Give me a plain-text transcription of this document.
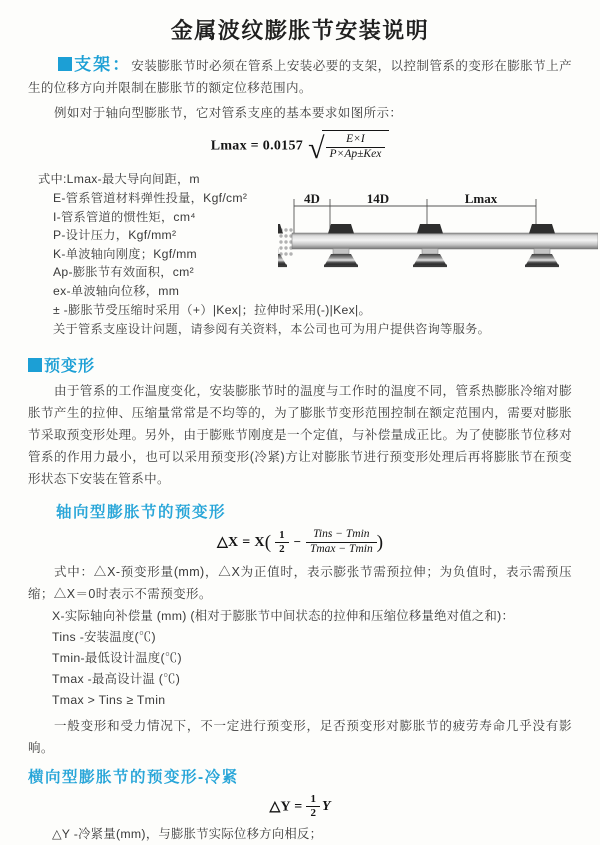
金属波纹膨胀节安装说明

支架：安装膨胀节时必须在管系上安装必要的支架，以控制管系的变形在膨胀节上产生的位移方向并限制在膨胀节的额定位移范围内。

例如对于轴向型膨胀节，它对管系支座的基本要求如图所示：

Lmax = 0.0157 √ $\frac{E\times I}{\text{P×Ap±Kex}}$
式中:Lmax-最大导向间距，m
E-管系管道材料弹性投量，Kgf/cm²
I-管系管道的惯性矩，cm⁴
P-设计压力，Kgf/mm²
K-单波轴向刚度；Kgf/mm
Ap-膨胀节有效面积，cm²
ex-单波轴向位移，mm
± -膨胀节受压缩时采用（+）|Kex|；拉伸时采用(-)|Kex|。

关于管系支座设计问题，请参阅有关资料，本公司也可为用户提供咨询等服务。

4D	14D	Lmax
预变形

由于管系的工作温度变化，安装膨胀节时的温度与工作时的温度不同，管系热膨胀冷缩对膨胀节产生的拉伸、压缩量常常是不均等的，为了膨胀节变形范围控制在额定范围内，需要对膨胀节采取预变形处理。另外，由于膨账节刚度是一个定值，与补偿量成正比。为了使膨胀节位移对管系的作用力最小，也可以采用预变形(冷紧)方让对膨胀节进行预变形处理后再将膨胀节在预变形状态下安装在管系中。

轴向型膨胀节的预变形
△X = $X( \frac{1}{2} - \frac{\text{Tins − Tmin}}{Tmax - Tmin}$ )

式中：△X-预变形量(mm)，△X为正值时，表示膨张节需预拉伸；为负值时，表示需预压缩；△X＝0时表示不需预变形。

X-实际轴向补偿量 (mm) (相对于膨胀节中间状态的拉伸和压缩位移量绝对值之和)：

Tins -安装温度(℃)

Tmin-最低设计温度(℃)

Tmax -最高设计温 (℃)

Tmax > Tins ≥ Tmin

一般变形和受力情况下，不一定进行预变形，足否预变形对膨胀节的疲劳寿命几乎没有影响。

横向型膨胀节的预变形-冷紧
△Y = $\frac{1}{2}$ Y

△Y -冷紧量(mm)，与膨胀节实际位移方向相反；
